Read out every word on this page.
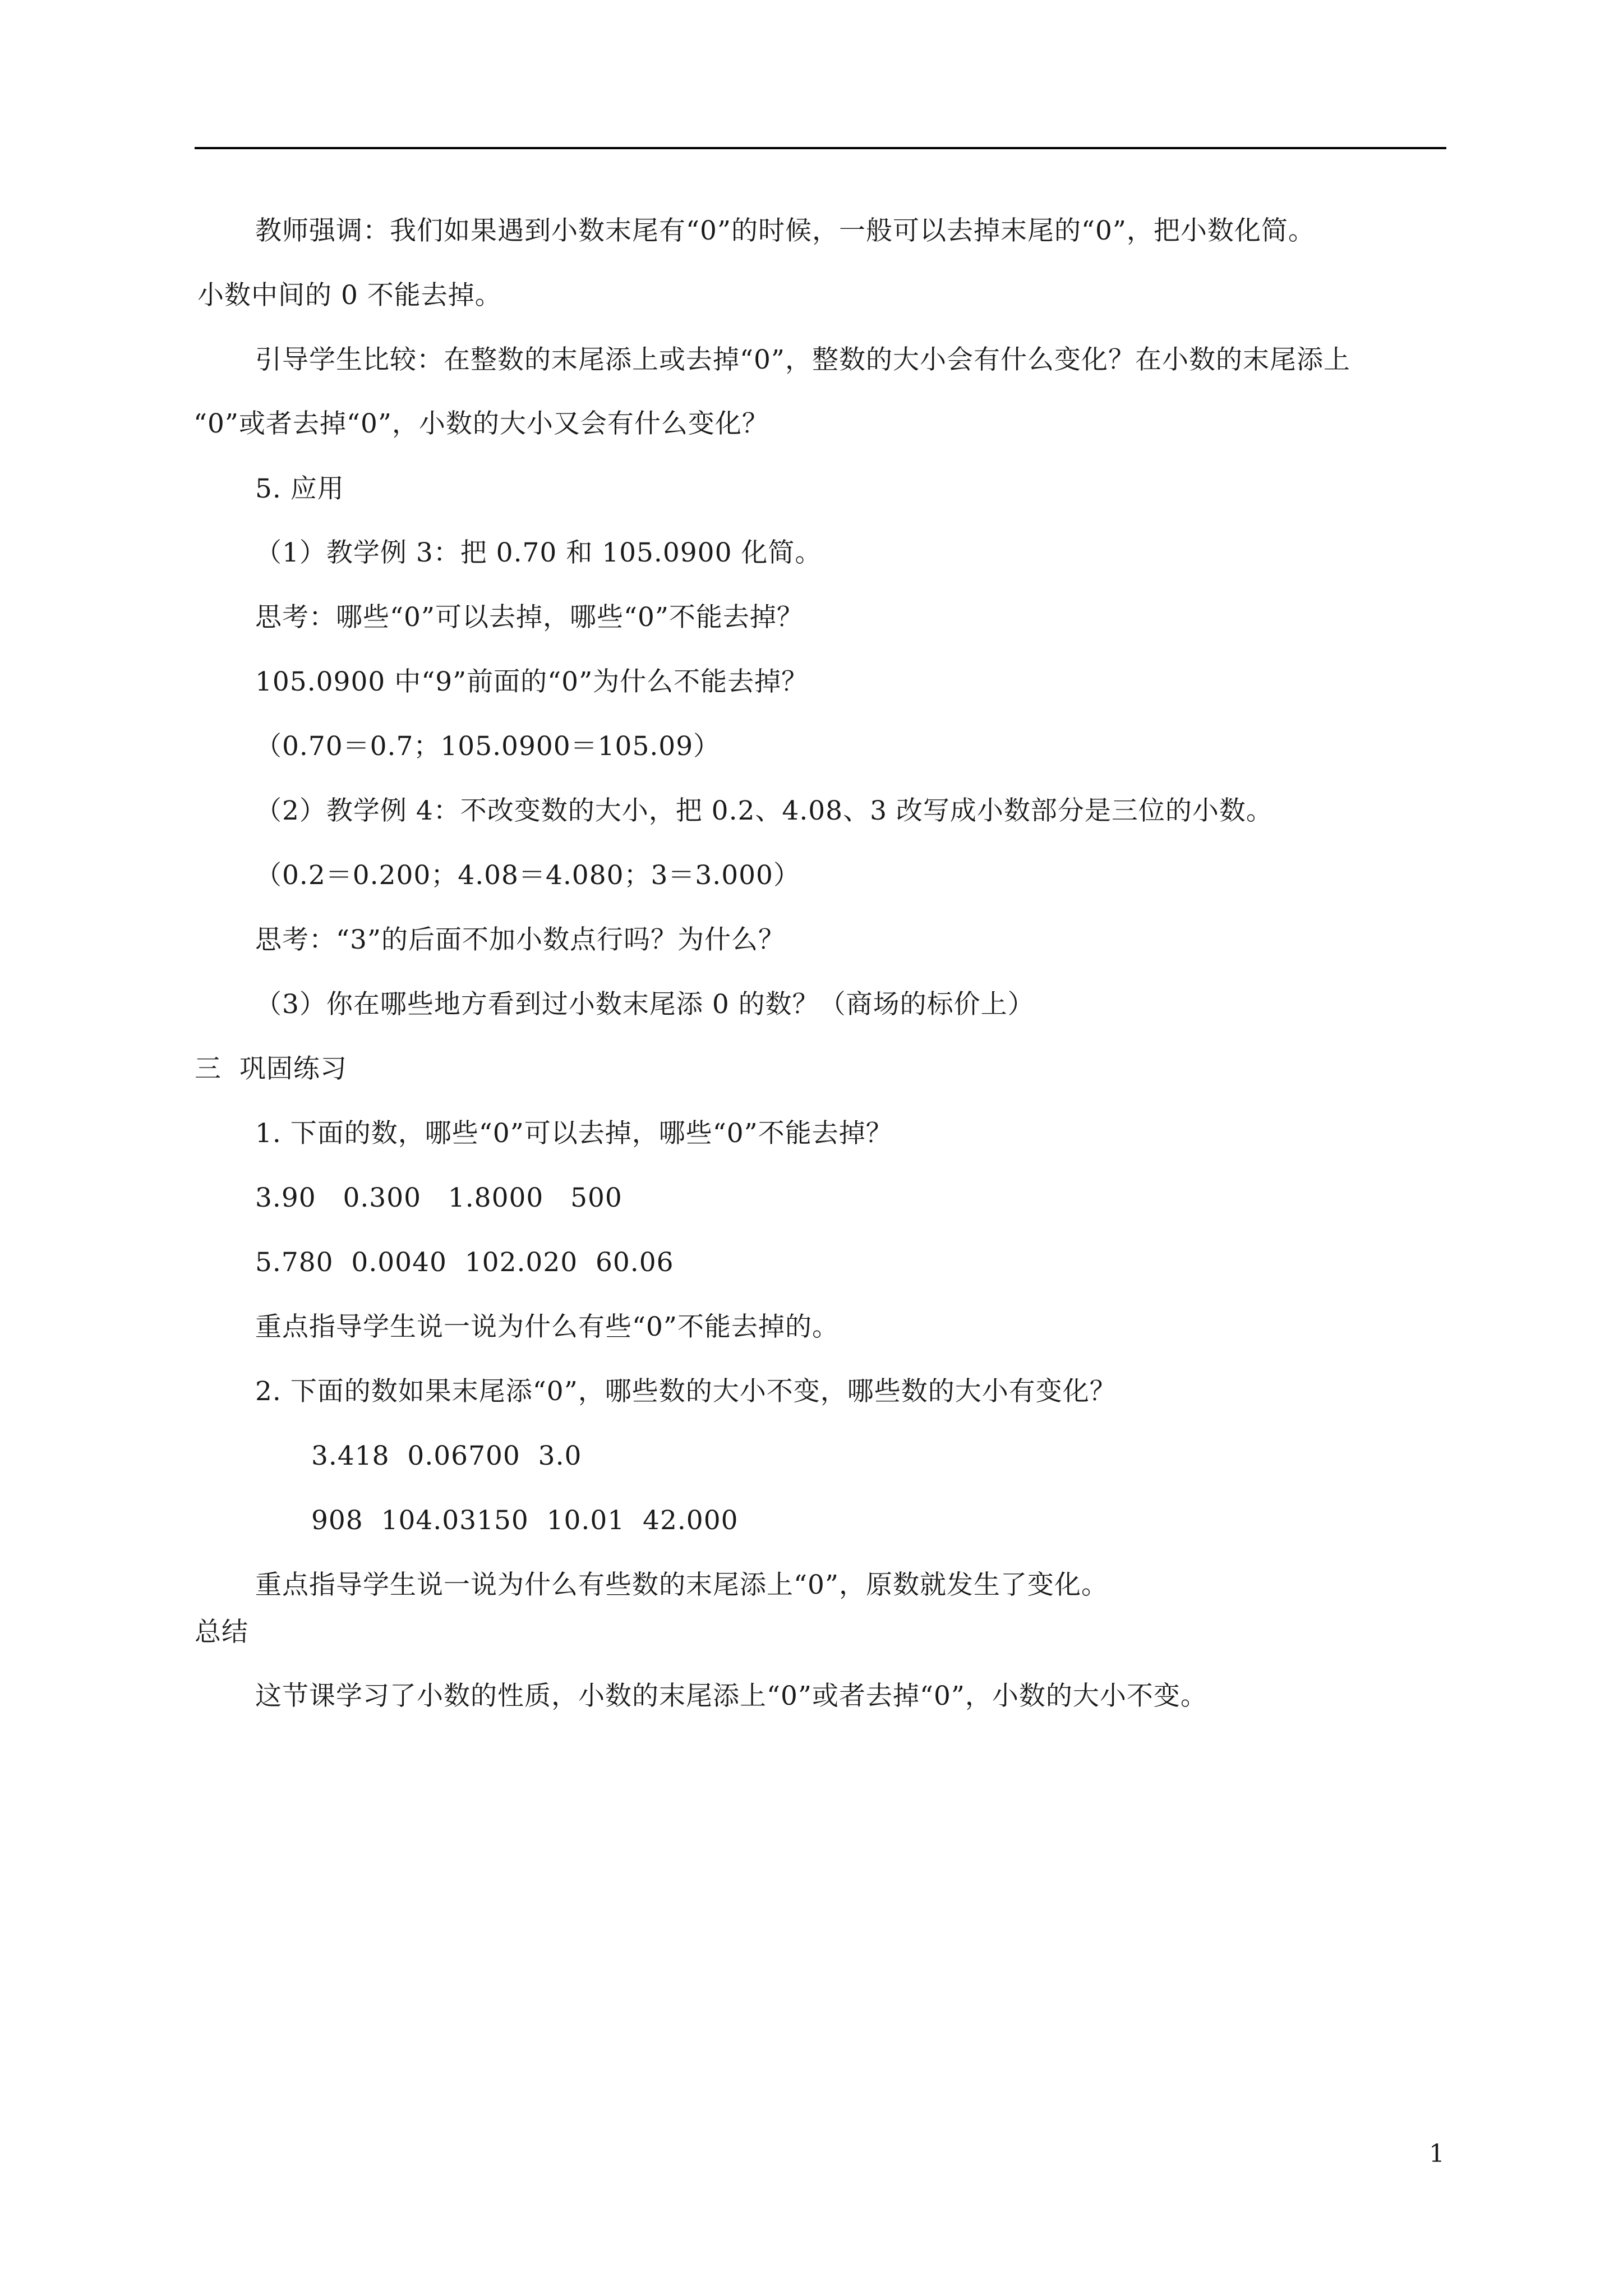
教师强调：我们如果遇到小数末尾有“0”的时候，一般可以去掉末尾的“0”，把小数化简。
小数中间的 0 不能去掉。
引导学生比较：在整数的末尾添上或去掉“0”，整数的大小会有什么变化？在小数的末尾添上
“0”或者去掉“0”，小数的大小又会有什么变化？
5. 应用
（1）教学例 3：把 0.70 和 105.0900 化简。
思考：哪些“0”可以去掉，哪些“0”不能去掉？
105.0900 中“9”前面的“0”为什么不能去掉？
（0.70＝0.7；105.0900＝105.09）
（2）教学例 4：不改变数的大小，把 0.2、4.08、3 改写成小数部分是三位的小数。
（0.2＝0.200；4.08＝4.080；3＝3.000）
思考：“3”的后面不加小数点行吗？为什么？
（3）你在哪些地方看到过小数末尾添 0 的数？（商场的标价上）
三  巩固练习
1. 下面的数，哪些“0”可以去掉，哪些“0”不能去掉？
3.90   0.300   1.8000   500
5.780  0.0040  102.020  60.06
重点指导学生说一说为什么有些“0”不能去掉的。
2. 下面的数如果末尾添“0”，哪些数的大小不变，哪些数的大小有变化？
3.418  0.06700  3.0
908  104.03150  10.01  42.000
重点指导学生说一说为什么有些数的末尾添上“0”，原数就发生了变化。
总结
这节课学习了小数的性质，小数的末尾添上“0”或者去掉“0”，小数的大小不变。
1
